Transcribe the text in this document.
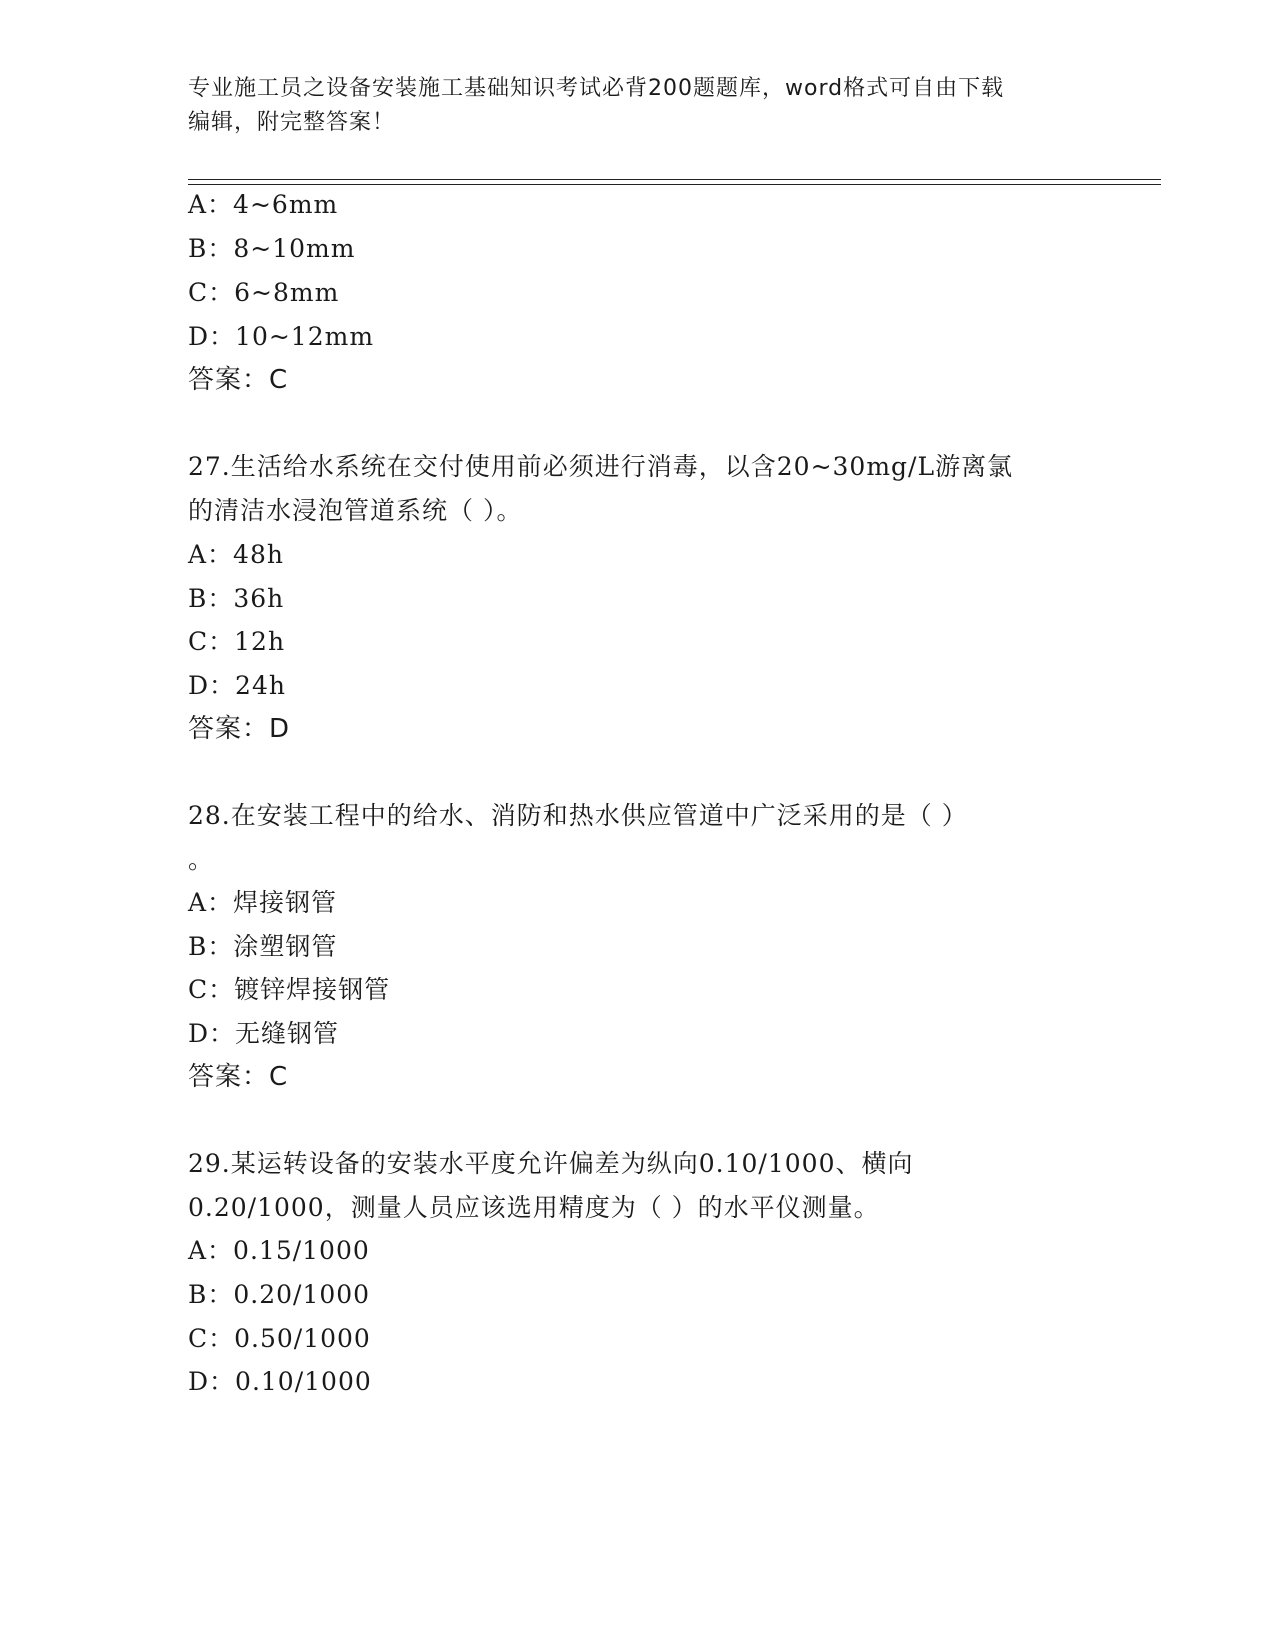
专业施工员之设备安装施工基础知识考试必背200题题库，word格式可自由下载
编辑，附完整答案！
A：4~6mm
B：8~10mm
C：6~8mm
D：10~12mm
答案：C
27.生活给水系统在交付使用前必须进行消毒，以含20~30mg/L游离氯
的清洁水浸泡管道系统（ ）。
A：48h
B：36h
C：12h
D：24h
答案：D
28.在安装工程中的给水、消防和热水供应管道中广泛采用的是（ ）
。
A：焊接钢管
B：涂塑钢管
C：镀锌焊接钢管
D：无缝钢管
答案：C
29.某运转设备的安装水平度允许偏差为纵向0.10/1000、横向
0.20/1000，测量人员应该选用精度为（ ）的水平仪测量。
A：0.15/1000
B：0.20/1000
C：0.50/1000
D：0.10/1000
